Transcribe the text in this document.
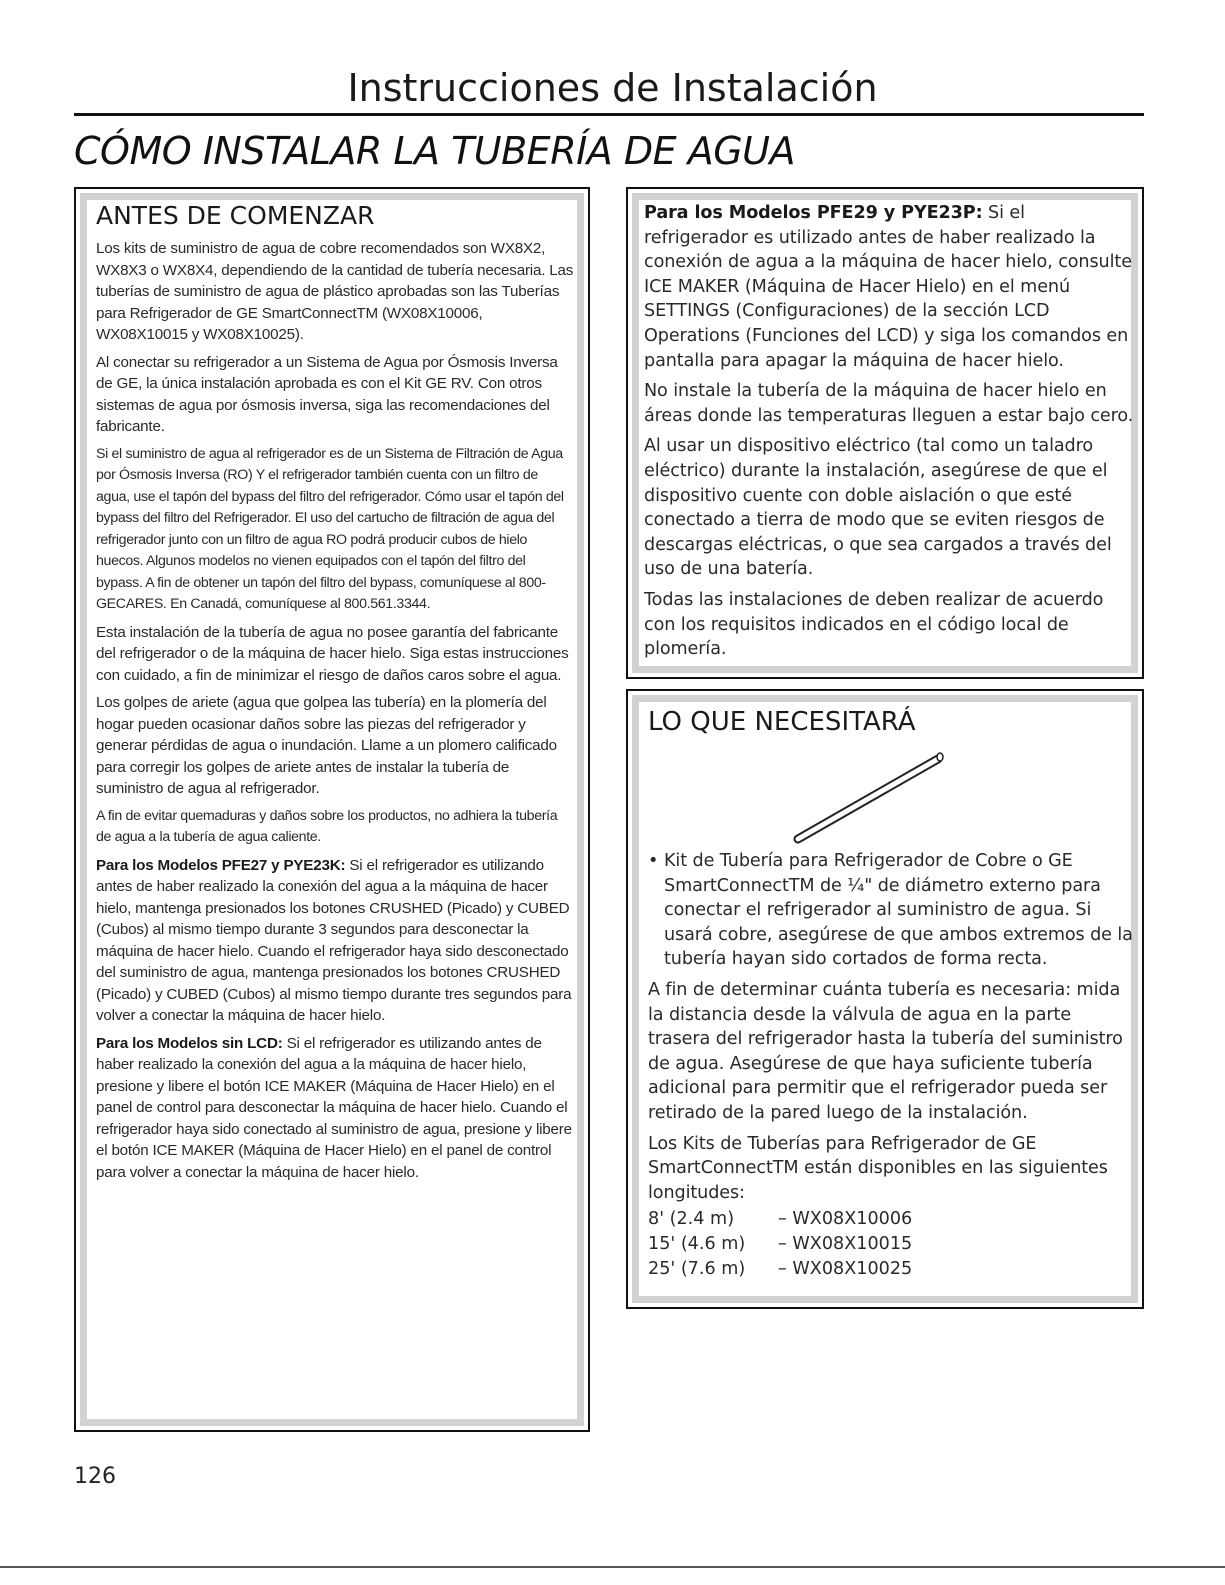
Instrucciones de Instalación
CÓMO INSTALAR LA TUBERÍA DE AGUA
ANTES DE COMENZAR

Los kits de suministro de agua de cobre recomendados son WX8X2, WX8X3 o WX8X4, dependiendo de la cantidad de tubería necesaria. Las tuberías de suministro de agua de plástico aprobadas son las Tuberías para Refrigerador de GE SmartConnectTM (WX08X10006, WX08X10015 y WX08X10025).

Al conectar su refrigerador a un Sistema de Agua por Ósmosis Inversa de GE, la única instalación aprobada es con el Kit GE RV. Con otros sistemas de agua por ósmosis inversa, siga las recomendaciones del fabricante.

Si el suministro de agua al refrigerador es de un Sistema de Filtración de Agua por Ósmosis Inversa (RO) Y el refrigerador también cuenta con un filtro de agua, use el tapón del bypass del filtro del refrigerador. Cómo usar el tapón del bypass del filtro del Refrigerador. El uso del cartucho de filtración de agua del refrigerador junto con un filtro de agua RO podrá producir cubos de hielo huecos. Algunos modelos no vienen equipados con el tapón del filtro del bypass. A fin de obtener un tapón del filtro del bypass, comuníquese al 800-GECARES. En Canadá, comuníquese al 800.561.3344.

Esta instalación de la tubería de agua no posee garantía del fabricante del refrigerador o de la máquina de hacer hielo. Siga estas instrucciones con cuidado, a fin de minimizar el riesgo de daños caros sobre el agua.

Los golpes de ariete (agua que golpea las tubería) en la plomería del hogar pueden ocasionar daños sobre las piezas del refrigerador y generar pérdidas de agua o inundación. Llame a un plomero calificado para corregir los golpes de ariete antes de instalar la tubería de suministro de agua al refrigerador.

A fin de evitar quemaduras y daños sobre los productos, no adhiera la tubería de agua a la tubería de agua caliente.

Para los Modelos PFE27 y PYE23K: Si el refrigerador es utilizando antes de haber realizado la conexión del agua a la máquina de hacer hielo, mantenga presionados los botones CRUSHED (Picado) y CUBED (Cubos) al mismo tiempo durante 3 segundos para desconectar la máquina de hacer hielo. Cuando el refrigerador haya sido desconectado del suministro de agua, mantenga presionados los botones CRUSHED (Picado) y CUBED (Cubos) al mismo tiempo durante tres segundos para volver a conectar la máquina de hacer hielo.

Para los Modelos sin LCD: Si el refrigerador es utilizando antes de haber realizado la conexión del agua a la máquina de hacer hielo, presione y libere el botón ICE MAKER (Máquina de Hacer Hielo) en el panel de control para desconectar la máquina de hacer hielo. Cuando el refrigerador haya sido conectado al suministro de agua, presione y libere el botón ICE MAKER (Máquina de Hacer Hielo) en el panel de control para volver a conectar la máquina de hacer hielo.

Para los Modelos PFE29 y PYE23P: Si el refrigerador es utilizado antes de haber realizado la conexión de agua a la máquina de hacer hielo, consulte ICE MAKER (Máquina de Hacer Hielo) en el menú SETTINGS (Configuraciones) de la sección LCD Operations (Funciones del LCD) y siga los comandos en pantalla para apagar la máquina de hacer hielo.

No instale la tubería de la máquina de hacer hielo en áreas donde las temperaturas lleguen a estar bajo cero.

Al usar un dispositivo eléctrico (tal como un taladro eléctrico) durante la instalación, asegúrese de que el dispositivo cuente con doble aislación o que esté conectado a tierra de modo que se eviten riesgos de descargas eléctricas, o que sea cargados a través del uso de una batería.

Todas las instalaciones de deben realizar de acuerdo con los requisitos indicados en el código local de plomería.

LO QUE NECESITARÁ

• Kit de Tubería para Refrigerador de Cobre o GE SmartConnectTM de ¼" de diámetro externo para conectar el refrigerador al suministro de agua. Si usará cobre, asegúrese de que ambos extremos de la tubería hayan sido cortados de forma recta.

A fin de determinar cuánta tubería es necesaria: mida la distancia desde la válvula de agua en la parte trasera del refrigerador hasta la tubería del suministro de agua. Asegúrese de que haya suficiente tubería adicional para permitir que el refrigerador pueda ser retirado de la pared luego de la instalación.

Los Kits de Tuberías para Refrigerador de GE SmartConnectTM están disponibles en las siguientes longitudes:

8' (2.4 m)	– WX08X10006
15' (4.6 m)	– WX08X10015
25' (7.6 m)	– WX08X10025
126
